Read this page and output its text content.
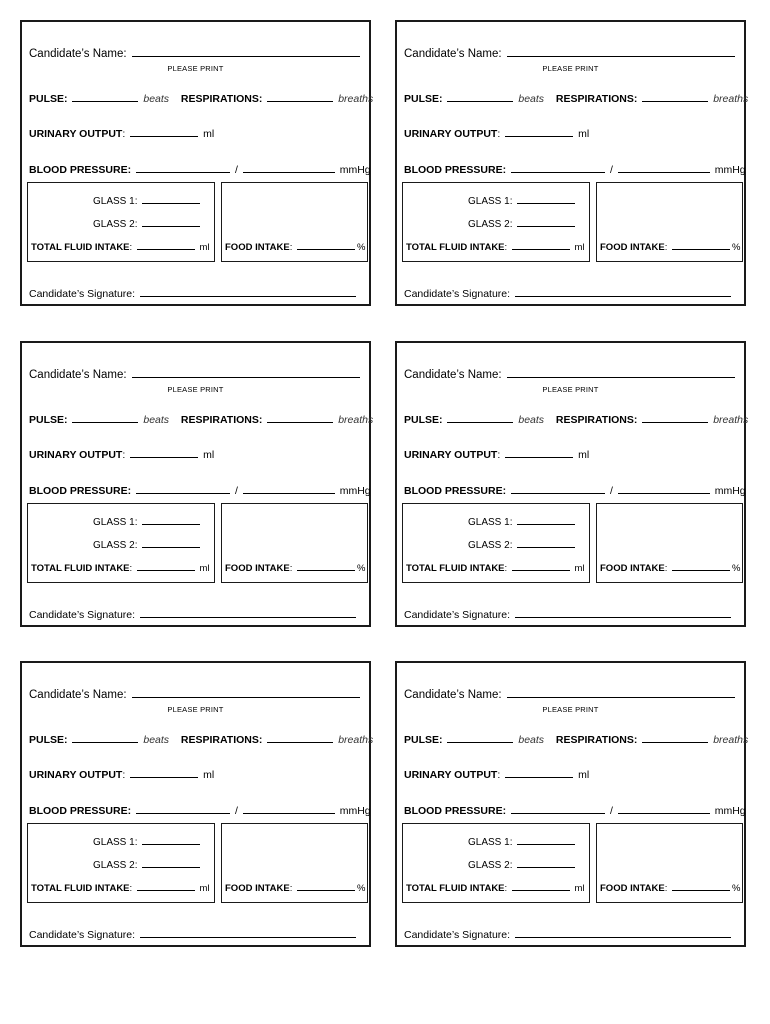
Candidate’s Name:
PLEASE PRINT
PULSE:	beats RESPIRATIONS:	breaths
URINARY OUTPUT:	ml
BLOOD PRESSURE:	/	mmHg
GLASS 1:
GLASS 2:
TOTAL FLUID INTAKE:	ml FOOD INTAKE:	%
Candidate’s Signature:
Candidate’s Name:
PLEASE PRINT
PULSE:	beats RESPIRATIONS:	breaths
URINARY OUTPUT:	ml
BLOOD PRESSURE:	/	mmHg
GLASS 1:
GLASS 2:
TOTAL FLUID INTAKE:	ml FOOD INTAKE:	%
Candidate’s Signature:
Candidate’s Name:
PLEASE PRINT
PULSE:	beats RESPIRATIONS:	breaths
URINARY OUTPUT:	ml
BLOOD PRESSURE:	/	mmHg
GLASS 1:
GLASS 2:
TOTAL FLUID INTAKE:	ml FOOD INTAKE:	%
Candidate’s Signature:
Candidate’s Name:
PLEASE PRINT
PULSE:	beats RESPIRATIONS:	breaths
URINARY OUTPUT:	ml
BLOOD PRESSURE:	/	mmHg
GLASS 1:
GLASS 2:
TOTAL FLUID INTAKE:	ml FOOD INTAKE:	%
Candidate’s Signature:
Candidate’s Name:
PLEASE PRINT
PULSE:	beats RESPIRATIONS:	breaths
URINARY OUTPUT:	ml
BLOOD PRESSURE:	/	mmHg
GLASS 1:
GLASS 2:
TOTAL FLUID INTAKE:	ml FOOD INTAKE:	%
Candidate’s Signature:
Candidate’s Name:
PLEASE PRINT
PULSE:	beats RESPIRATIONS:	breaths
URINARY OUTPUT:	ml
BLOOD PRESSURE:	/	mmHg
GLASS 1:
GLASS 2:
TOTAL FLUID INTAKE:	ml FOOD INTAKE:	%
Candidate’s Signature:
